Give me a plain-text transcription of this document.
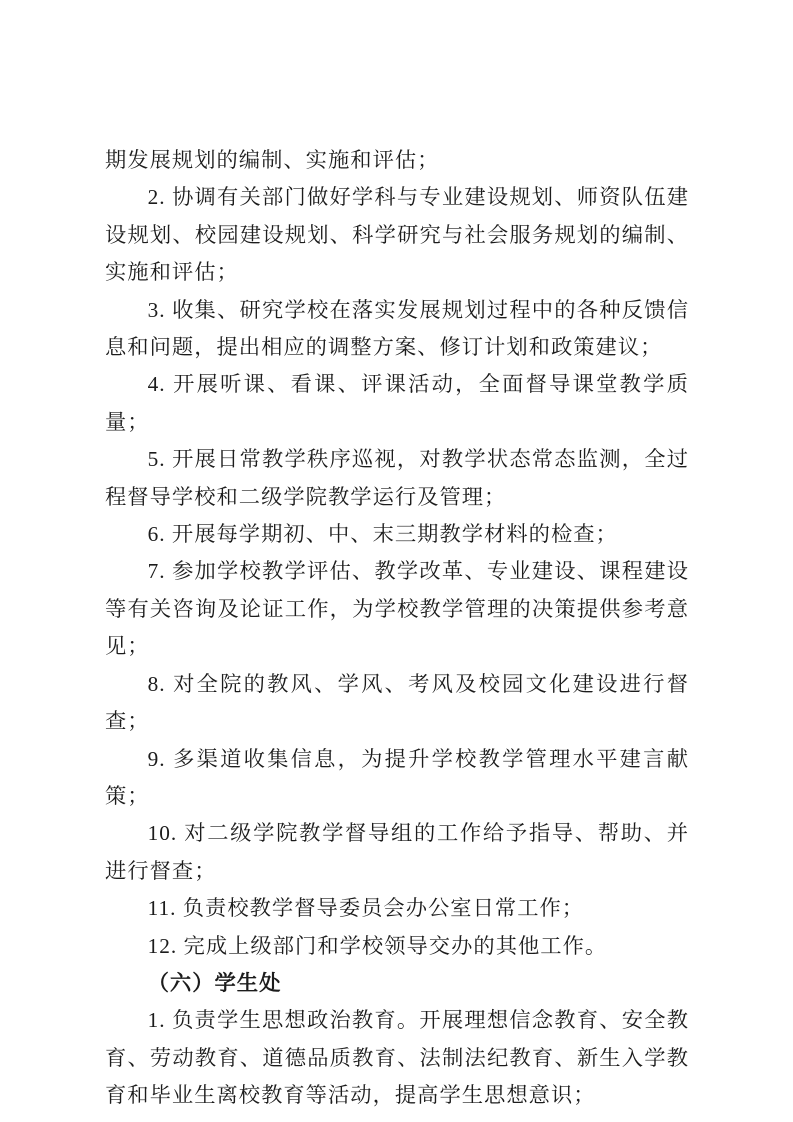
期发展规划的编制、实施和评估；

2. 协调有关部门做好学科与专业建设规划、师资队伍建设规划、校园建设规划、科学研究与社会服务规划的编制、实施和评估；

3. 收集、研究学校在落实发展规划过程中的各种反馈信息和问题，提出相应的调整方案、修订计划和政策建议；

4. 开展听课、看课、评课活动，全面督导课堂教学质量；

5. 开展日常教学秩序巡视，对教学状态常态监测，全过程督导学校和二级学院教学运行及管理；

6. 开展每学期初、中、末三期教学材料的检查；

7. 参加学校教学评估、教学改革、专业建设、课程建设等有关咨询及论证工作，为学校教学管理的决策提供参考意见；

8. 对全院的教风、学风、考风及校园文化建设进行督查；

9. 多渠道收集信息，为提升学校教学管理水平建言献策；

10. 对二级学院教学督导组的工作给予指导、帮助、并进行督查；

11. 负责校教学督导委员会办公室日常工作；

12. 完成上级部门和学校领导交办的其他工作。

（六）学生处

1. 负责学生思想政治教育。开展理想信念教育、安全教育、劳动教育、道德品质教育、法制法纪教育、新生入学教育和毕业生离校教育等活动，提高学生思想意识；
